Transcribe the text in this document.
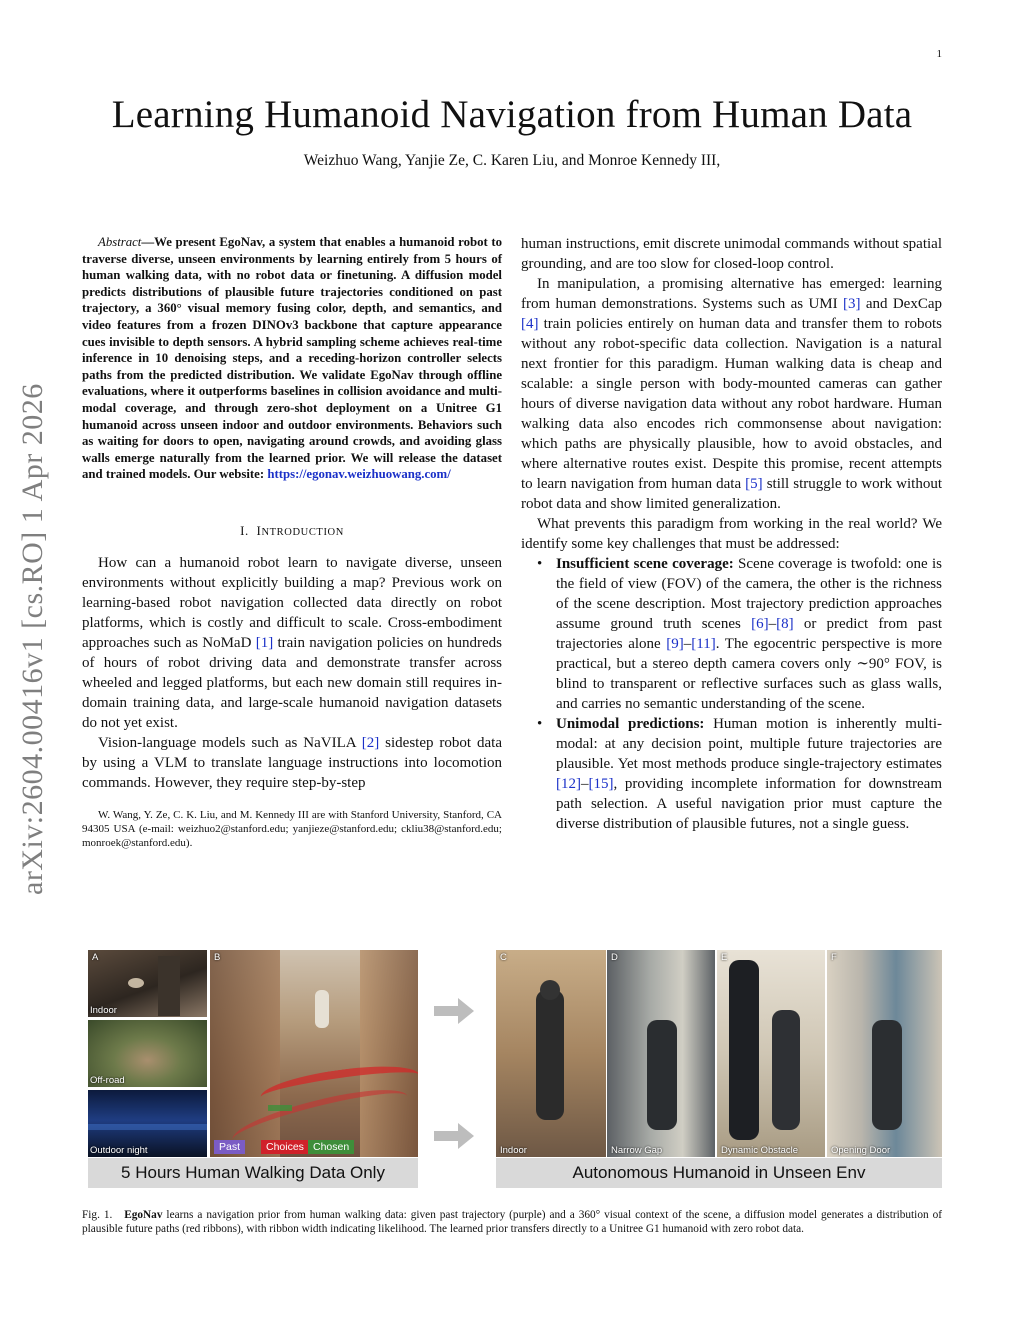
1
Learning Humanoid Navigation from Human Data
Weizhuo Wang, Yanjie Ze, C. Karen Liu, and Monroe Kennedy III,
arXiv:2604.00416v1 [cs.RO] 1 Apr 2026

Abstract—We present EgoNav, a system that enables a humanoid robot to traverse diverse, unseen environments by learning entirely from 5 hours of human walking data, with no robot data or finetuning. A diffusion model predicts distributions of plausible future trajectories conditioned on past trajectory, a 360° visual memory fusing color, depth, and semantics, and video features from a frozen DINOv3 backbone that capture appearance cues invisible to depth sensors. A hybrid sampling scheme achieves real-time inference in 10 denoising steps, and a receding-horizon controller selects paths from the predicted distribution. We validate EgoNav through offline evaluations, where it outperforms baselines in collision avoidance and multi-modal coverage, and through zero-shot deployment on a Unitree G1 humanoid across unseen indoor and outdoor environments. Behaviors such as waiting for doors to open, navigating around crowds, and avoiding glass walls emerge naturally from the learned prior. We will release the dataset and trained models. Our website: https://egonav.weizhuowang.com/

I. INTRODUCTION

How can a humanoid robot learn to navigate diverse, unseen environments without explicitly building a map? Previous work on learning-based robot navigation collected data directly on robot platforms, which is costly and difficult to scale. Cross-embodiment approaches such as NoMaD [1] train navigation policies on hundreds of hours of robot driving data and demonstrate transfer across wheeled and legged platforms, but each new domain still requires in-domain training data, and large-scale humanoid navigation datasets do not yet exist.

Vision-language models such as NaVILA [2] sidestep robot data by using a VLM to translate language instructions into locomotion commands. However, they require step-by-step

W. Wang, Y. Ze, C. K. Liu, and M. Kennedy III are with Stanford University, Stanford, CA 94305 USA (e-mail: weizhuo2@stanford.edu; yanjieze@stanford.edu; ckliu38@stanford.edu; monroek@stanford.edu).

human instructions, emit discrete unimodal commands without spatial grounding, and are too slow for closed-loop control.

In manipulation, a promising alternative has emerged: learning from human demonstrations. Systems such as UMI [3] and DexCap [4] train policies entirely on human data and transfer them to robots without any robot-specific data collection. Navigation is a natural next frontier for this paradigm. Human walking data is cheap and scalable: a single person with body-mounted cameras can gather hours of diverse navigation data without any robot hardware. Human walking data also encodes rich commonsense about navigation: which paths are physically plausible, how to avoid obstacles, and where alternative routes exist. Despite this promise, recent attempts to learn navigation from human data [5] still struggle to work without robot data and show limited generalization.

What prevents this paradigm from working in the real world? We identify some key challenges that must be addressed:

• Insufficient scene coverage: Scene coverage is twofold: one is the field of view (FOV) of the camera, the other is the richness of the scene description. Most trajectory prediction approaches assume ground truth scenes [6]–[8] or predict from past trajectories alone [9]–[11]. The egocentric perspective is more practical, but a stereo depth camera covers only ∼90° FOV, is blind to transparent or reflective surfaces such as glass walls, and carries no semantic understanding of the scene.
• Unimodal predictions: Human motion is inherently multi-modal: at any decision point, multiple future trajectories are plausible. Yet most methods produce single-trajectory estimates [12]–[15], providing incomplete information for downstream path selection. A useful navigation prior must capture the diverse distribution of plausible futures, not a single guess.
A
Indoor
Off-road
Outdoor night
B
Past	Choices Chosen
5 Hours Human Walking Data Only
C
Indoor
D
Narrow Gap
E
Dynamic Obstacle
F
Opening Door
Autonomous Humanoid in Unseen Env
Fig. 1. EgoNav learns a navigation prior from human walking data: given past trajectory (purple) and a 360° visual context of the scene, a diffusion model generates a distribution of plausible future paths (red ribbons), with ribbon width indicating likelihood. The learned prior transfers directly to a Unitree G1 humanoid with zero robot data.
